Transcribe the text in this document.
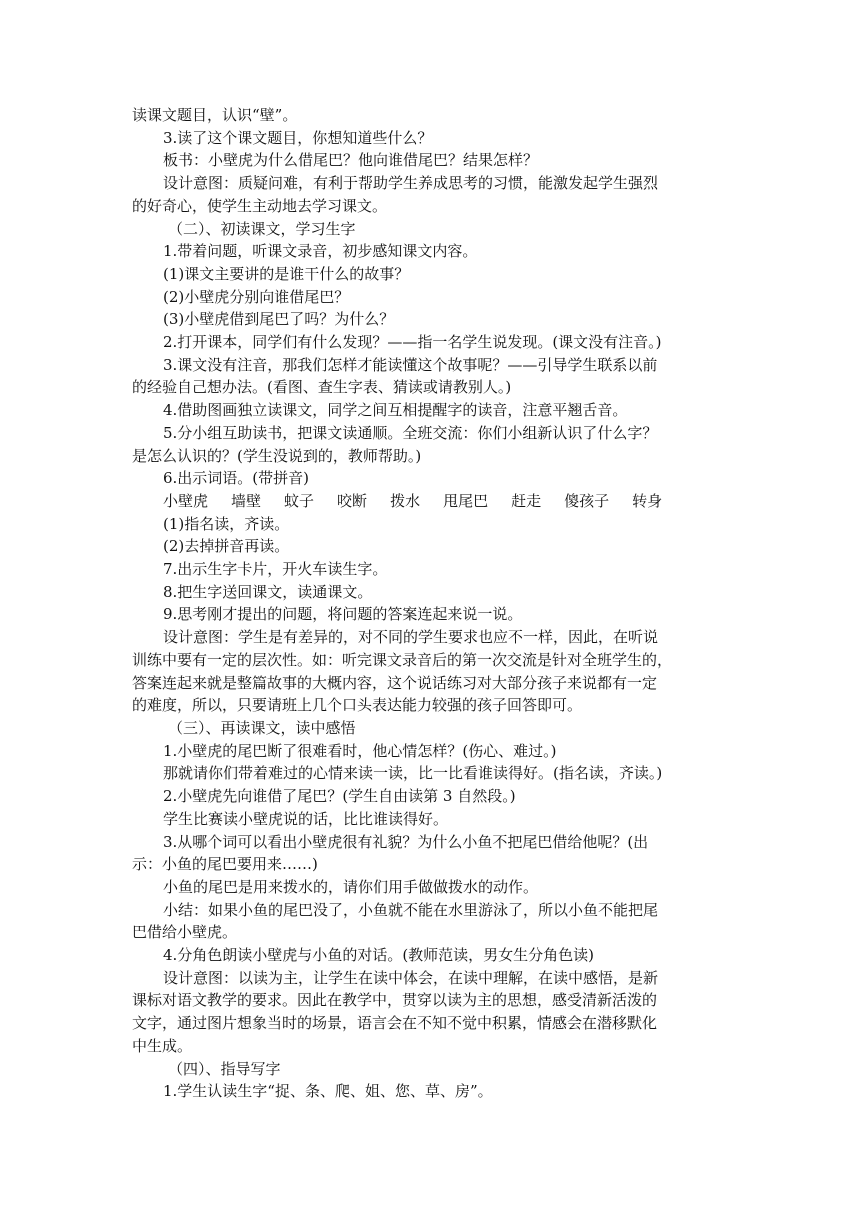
读课文题目，认识“壁”。
3.读了这个课文题目，你想知道些什么？
板书：小壁虎为什么借尾巴？他向谁借尾巴？结果怎样？
设计意图：质疑问难，有利于帮助学生养成思考的习惯，能激发起学生强烈
的好奇心，使学生主动地去学习课文。
（二）、初读课文，学习生字
1.带着问题，听课文录音，初步感知课文内容。
(1)课文主要讲的是谁干什么的故事？
(2)小壁虎分别向谁借尾巴？
(3)小壁虎借到尾巴了吗？为什么？
2.打开课本，同学们有什么发现？——指一名学生说发现。(课文没有注音。)
3.课文没有注音，那我们怎样才能读懂这个故事呢？——引导学生联系以前
的经验自己想办法。(看图、查生字表、猜读或请教别人。)
4.借助图画独立读课文，同学之间互相提醒字的读音，注意平翘舌音。
5.分小组互助读书，把课文读通顺。全班交流：你们小组新认识了什么字？
是怎么认识的？(学生没说到的，教师帮助。)
6.出示词语。(带拼音)
小壁虎 墙壁 蚊子 咬断 拨水 甩尾巴 赶走 傻孩子 转身
(1)指名读，齐读。
(2)去掉拼音再读。
7.出示生字卡片，开火车读生字。
8.把生字送回课文，读通课文。
9.思考刚才提出的问题，将问题的答案连起来说一说。
设计意图：学生是有差异的，对不同的学生要求也应不一样，因此，在听说
训练中要有一定的层次性。如：听完课文录音后的第一次交流是针对全班学生的，
答案连起来就是整篇故事的大概内容，这个说话练习对大部分孩子来说都有一定
的难度，所以，只要请班上几个口头表达能力较强的孩子回答即可。
（三）、再读课文，读中感悟
1.小壁虎的尾巴断了很难看时，他心情怎样？(伤心、难过。)
那就请你们带着难过的心情来读一读，比一比看谁读得好。(指名读，齐读。)
2.小壁虎先向谁借了尾巴？(学生自由读第 3 自然段。)
学生比赛读小壁虎说的话，比比谁读得好。
3.从哪个词可以看出小壁虎很有礼貌？为什么小鱼不把尾巴借给他呢？(出
示：小鱼的尾巴要用来……)
小鱼的尾巴是用来拨水的，请你们用手做做拨水的动作。
小结：如果小鱼的尾巴没了，小鱼就不能在水里游泳了，所以小鱼不能把尾
巴借给小壁虎。
4.分角色朗读小壁虎与小鱼的对话。(教师范读，男女生分角色读)
设计意图：以读为主，让学生在读中体会，在读中理解，在读中感悟，是新
课标对语文教学的要求。因此在教学中，贯穿以读为主的思想，感受清新活泼的
文字，通过图片想象当时的场景，语言会在不知不觉中积累，情感会在潜移默化
中生成。
（四）、指导写字
1.学生认读生字“捉、条、爬、姐、您、草、房”。
